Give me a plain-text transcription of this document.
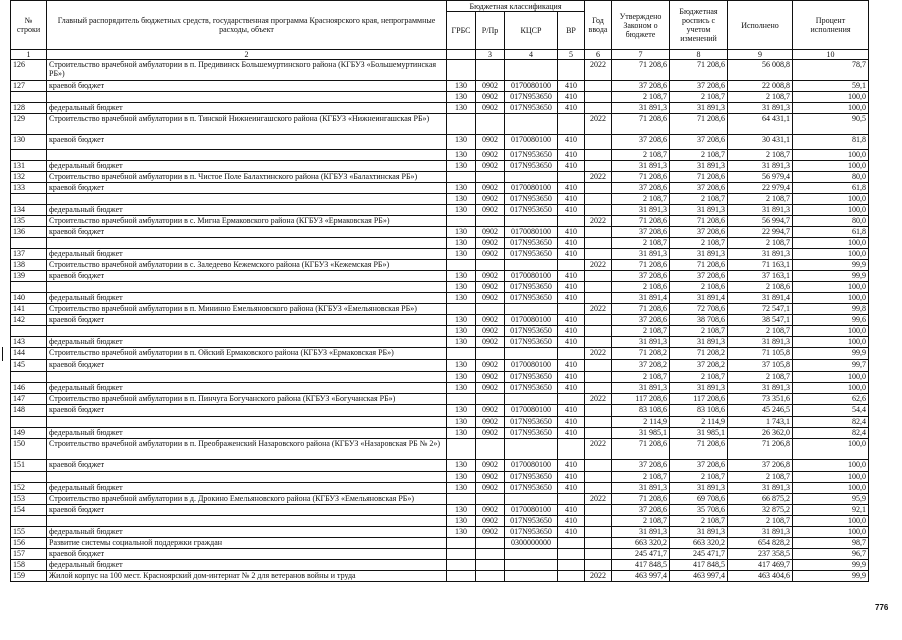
№ строки	Главный распорядитель бюджетных средств, государственная программа Красноярского края, непрограммные расходы, объект	Бюджетная классификация				Год ввода	Утверждено Законом о бюджете	Бюджетная роспись с учетом изменений	Исполнено	Процент исполнения
		ГРБС	Р/Пр	КЦСР	ВР					
1	2		3	4	5	6	7	8	9	10
126	Строительство врачебной амбулатории в п. Предивинск Большемуртинского района (КГБУЗ «Большемуртинская РБ»)					2022	71 208,6	71 208,6	56 008,8	78,7
127	краевой бюджет	130	0902	0170080100	410		37 208,6	37 208,6	22 008,8	59,1
		130	0902	017N953650	410		2 108,7	2 108,7	2 108,7	100,0
128	федеральный бюджет	130	0902	017N953650	410		31 891,3	31 891,3	31 891,3	100,0
129	Строительство врачебной амбулатории в п. Тинской Нижнеингашского района (КГБУЗ «Нижнеингашская РБ»)					2022	71 208,6	71 208,6	64 431,1	90,5
130	краевой бюджет	130	0902	0170080100	410		37 208,6	37 208,6	30 431,1	81,8
		130	0902	017N953650	410		2 108,7	2 108,7	2 108,7	100,0
131	федеральный бюджет	130	0902	017N953650	410		31 891,3	31 891,3	31 891,3	100,0
132	Строительство врачебной амбулатории в п. Чистое Поле Балахтинского района (КГБУЗ «Балахтинская РБ»)					2022	71 208,6	71 208,6	56 979,4	80,0
133	краевой бюджет	130	0902	0170080100	410		37 208,6	37 208,6	22 979,4	61,8
		130	0902	017N953650	410		2 108,7	2 108,7	2 108,7	100,0
134	федеральный бюджет	130	0902	017N953650	410		31 891,3	31 891,3	31 891,3	100,0
135	Строительство врачебной амбулатории в с. Мигна Ермаковского района (КГБУЗ «Ермаковская РБ»)					2022	71 208,6	71 208,6	56 994,7	80,0
136	краевой бюджет	130	0902	0170080100	410		37 208,6	37 208,6	22 994,7	61,8
		130	0902	017N953650	410		2 108,7	2 108,7	2 108,7	100,0
137	федеральный бюджет	130	0902	017N953650	410		31 891,3	31 891,3	31 891,3	100,0
138	Строительство врачебной амбулатории в с. Заледеево Кежемского района (КГБУЗ «Кежемская РБ»)					2022	71 208,6	71 208,6	71 163,1	99,9
139	краевой бюджет	130	0902	0170080100	410		37 208,6	37 208,6	37 163,1	99,9
		130	0902	017N953650	410		2 108,6	2 108,6	2 108,6	100,0
140	федеральный бюджет	130	0902	017N953650	410		31 891,4	31 891,4	31 891,4	100,0
141	Строительство врачебной амбулатории в п. Мининно Емельяновского района (КГБУЗ «Емельяновская РБ»)					2022	71 208,6	72 708,6	72 547,1	99,8
142	краевой бюджет	130	0902	0170080100	410		37 208,6	38 708,6	38 547,1	99,6
		130	0902	017N953650	410		2 108,7	2 108,7	2 108,7	100,0
143	федеральный бюджет	130	0902	017N953650	410		31 891,3	31 891,3	31 891,3	100,0
144	Строительство врачебной амбулатории в п. Ойский Ермаковского района (КГБУЗ «Ермаковская РБ»)					2022	71 208,2	71 208,2	71 105,8	99,9
145	краевой бюджет	130	0902	0170080100	410		37 208,2	37 208,2	37 105,8	99,7
		130	0902	017N953650	410		2 108,7	2 108,7	2 108,7	100,0
146	федеральный бюджет	130	0902	017N953650	410		31 891,3	31 891,3	31 891,3	100,0
147	Строительство врачебной амбулатории в п. Пинчуга Богучанского района (КГБУЗ «Богучанская РБ»)					2022	117 208,6	117 208,6	73 351,6	62,6
148	краевой бюджет	130	0902	0170080100	410		83 108,6	83 108,6	45 246,5	54,4
		130	0902	017N953650	410		2 114,9	2 114,9	1 743,1	82,4
149	федеральный бюджет	130	0902	017N953650	410		31 985,1	31 985,1	26 362,0	82,4
150	Строительство врачебной амбулатории в п. Преображенский Назаровского района (КГБУЗ «Назаровская РБ № 2»)					2022	71 208,6	71 208,6	71 206,8	100,0
151	краевой бюджет	130	0902	0170080100	410		37 208,6	37 208,6	37 206,8	100,0
		130	0902	017N953650	410		2 108,7	2 108,7	2 108,7	100,0
152	федеральный бюджет	130	0902	017N953650	410		31 891,3	31 891,3	31 891,3	100,0
153	Строительство врачебной амбулатории в д. Дрокино Емельяновского района (КГБУЗ «Емельяновская РБ»)					2022	71 208,6	69 708,6	66 875,2	95,9
154	краевой бюджет	130	0902	0170080100	410		37 208,6	35 708,6	32 875,2	92,1
		130	0902	017N953650	410		2 108,7	2 108,7	2 108,7	100,0
155	федеральный бюджет	130	0902	017N953650	410		31 891,3	31 891,3	31 891,3	100,0
156	Развитие системы социальной поддержки граждан			0300000000			663 320,2	663 320,2	654 828,2	98,7
157	краевой бюджет						245 471,7	245 471,7	237 358,5	96,7
158	федеральный бюджет						417 848,5	417 848,5	417 469,7	99,9
159	Жилой корпус на 100 мест. Красноярский дом-интернат № 2 для ветеранов войны и труда					2022	463 997,4	463 997,4	463 404,6	99,9
776
